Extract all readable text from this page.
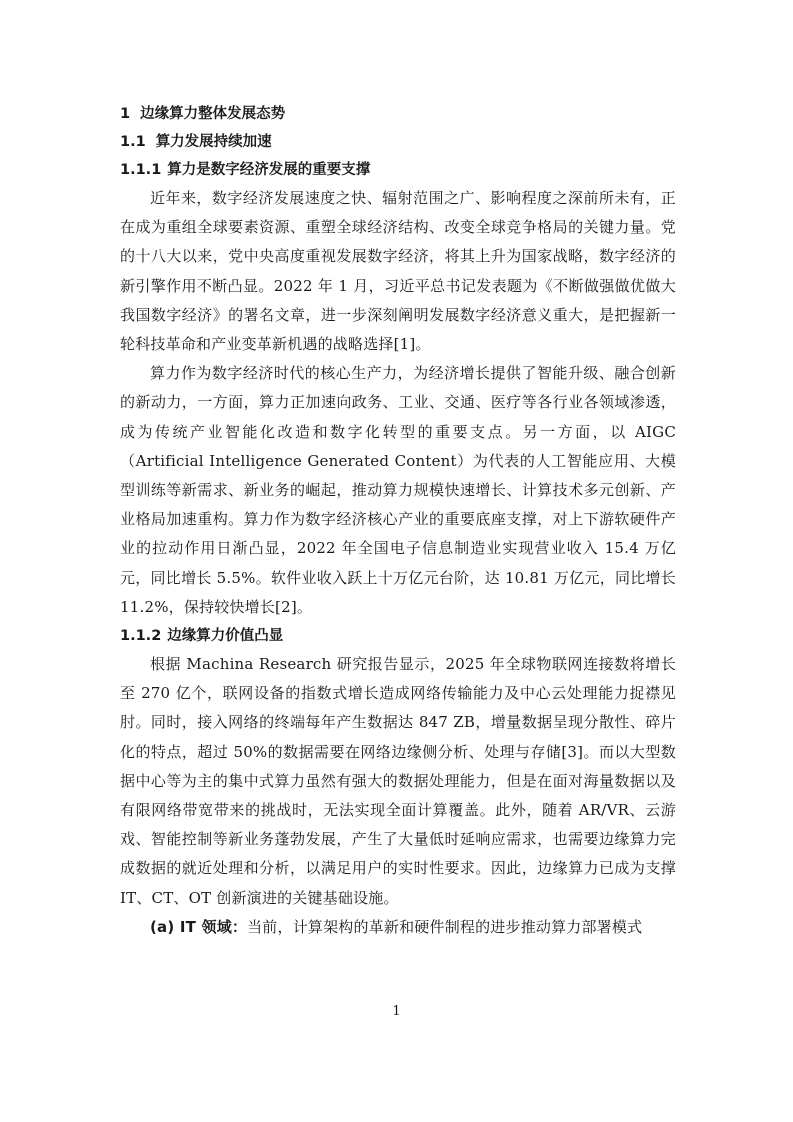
1 边缘算力整体发展态势

1.1 算力发展持续加速

1.1.1 算力是数字经济发展的重要支撑

近年来，数字经济发展速度之快、辐射范围之广、影响程度之深前所未有，正在成为重组全球要素资源、重塑全球经济结构、改变全球竞争格局的关键力量。党的十八大以来，党中央高度重视发展数字经济，将其上升为国家战略，数字经济的新引擎作用不断凸显。2022 年 1 月，习近平总书记发表题为《不断做强做优做大我国数字经济》的署名文章，进一步深刻阐明发展数字经济意义重大，是把握新一轮科技革命和产业变革新机遇的战略选择[1]。

算力作为数字经济时代的核心生产力，为经济增长提供了智能升级、融合创新的新动力，一方面，算力正加速向政务、工业、交通、医疗等各行业各领域渗透，成为传统产业智能化改造和数字化转型的重要支点。另一方面，以 AIGC（Artificial Intelligence Generated Content）为代表的人工智能应用、大模型训练等新需求、新业务的崛起，推动算力规模快速增长、计算技术多元创新、产业格局加速重构。算力作为数字经济核心产业的重要底座支撑，对上下游软硬件产业的拉动作用日渐凸显，2022 年全国电子信息制造业实现营业收入 15.4 万亿元，同比增长 5.5%。软件业收入跃上十万亿元台阶，达 10.81 万亿元，同比增长 11.2%，保持较快增长[2]。

1.1.2 边缘算力价值凸显

根据 Machina Research 研究报告显示，2025 年全球物联网连接数将增长至 270 亿个，联网设备的指数式增长造成网络传输能力及中心云处理能力捉襟见肘。同时，接入网络的终端每年产生数据达 847 ZB，增量数据呈现分散性、碎片化的特点，超过 50%的数据需要在网络边缘侧分析、处理与存储[3]。而以大型数据中心等为主的集中式算力虽然有强大的数据处理能力，但是在面对海量数据以及有限网络带宽带来的挑战时，无法实现全面计算覆盖。此外，随着 AR/VR、云游戏、智能控制等新业务蓬勃发展，产生了大量低时延响应需求，也需要边缘算力完成数据的就近处理和分析，以满足用户的实时性要求。因此，边缘算力已成为支撑 IT、CT、OT 创新演进的关键基础设施。

(a) IT 领域：当前，计算架构的革新和硬件制程的进步推动算力部署模式

1
